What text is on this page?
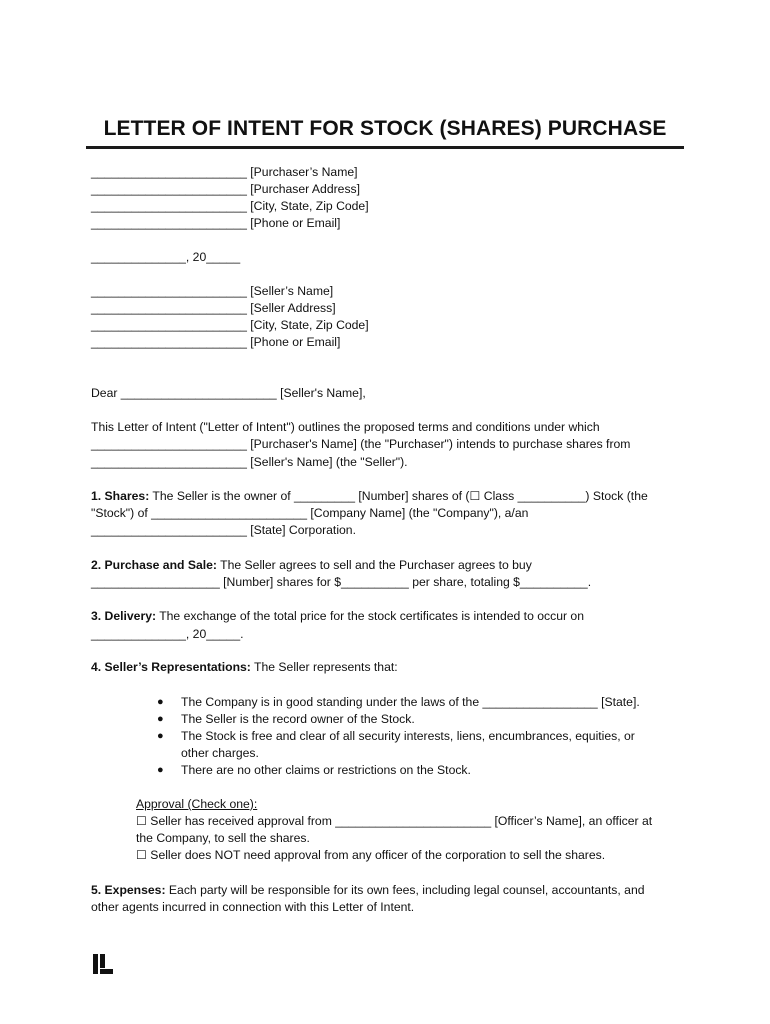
LETTER OF INTENT FOR STOCK (SHARES) PURCHASE
_______________________ [Purchaser’s Name]
_______________________ [Purchaser Address]
_______________________ [City, State, Zip Code]
_______________________ [Phone or Email]
______________, 20_____
_______________________ [Seller’s Name]
_______________________ [Seller Address]
_______________________ [City, State, Zip Code]
_______________________ [Phone or Email]
Dear _______________________ [Seller's Name],
This Letter of Intent ("Letter of Intent") outlines the proposed terms and conditions under which
_______________________ [Purchaser's Name] (the "Purchaser") intends to purchase shares from
_______________________ [Seller's Name] (the "Seller").
1. Shares: The Seller is the owner of _________ [Number] shares of (☐ Class __________) Stock (the
"Stock") of _______________________ [Company Name] (the "Company"), a/an
_______________________ [State] Corporation.
2. Purchase and Sale: The Seller agrees to sell and the Purchaser agrees to buy
___________________ [Number] shares for $__________ per share, totaling $__________.
3. Delivery: The exchange of the total price for the stock certificates is intended to occur on
______________, 20_____.
4. Seller’s Representations: The Seller represents that:
● The Company is in good standing under the laws of the _________________ [State].
● The Seller is the record owner of the Stock.
● The Stock is free and clear of all security interests, liens, encumbrances, equities, or
other charges.
● There are no other claims or restrictions on the Stock.
Approval (Check one):
☐ Seller has received approval from _______________________ [Officer’s Name], an officer at
the Company, to sell the shares.
☐ Seller does NOT need approval from any officer of the corporation to sell the shares.
5. Expenses: Each party will be responsible for its own fees, including legal counsel, accountants, and
other agents incurred in connection with this Letter of Intent.
